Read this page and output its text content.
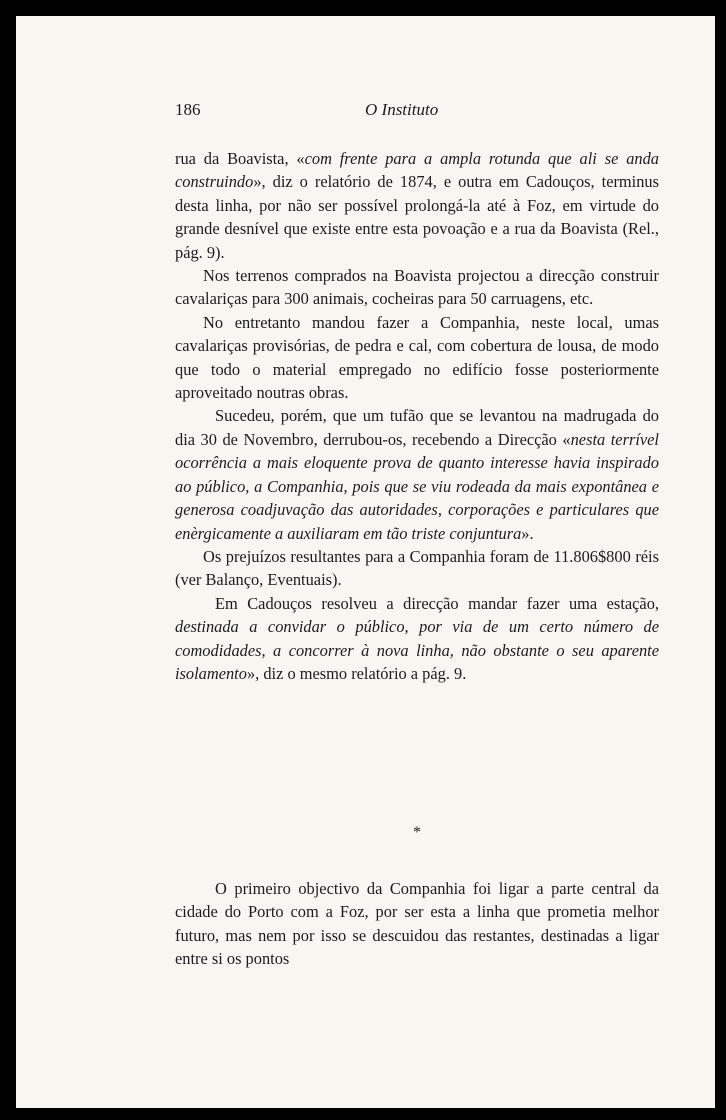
186	O Instituto

rua da Boavista, «com frente para a ampla rotunda que ali se anda construindo», diz o relatório de 1874, e outra em Cadouços, terminus desta linha, por não ser possível prolongá-la até à Foz, em virtude do grande desnível que existe entre esta povoação e a rua da Boavista (Rel., pág. 9).

Nos terrenos comprados na Boavista projectou a direcção construir cavalariças para 300 animais, cocheiras para 50 carruagens, etc.

No entretanto mandou fazer a Companhia, neste local, umas cavalariças provisórias, de pedra e cal, com cobertura de lousa, de modo que todo o material empregado no edifício fosse posteriormente aproveitado noutras obras.

Sucedeu, porém, que um tufão que se levantou na madrugada do dia 30 de Novembro, derrubou-os, recebendo a Direcção «nesta terrível ocorrência a mais eloquente prova de quanto interesse havia inspirado ao público, a Companhia, pois que se viu rodeada da mais expontânea e generosa coadjuvação das autoridades, corporações e particulares que enèrgicamente a auxiliaram em tão triste conjuntura».

Os prejuízos resultantes para a Companhia foram de 11.806$800 réis (ver Balanço, Eventuais).

Em Cadouços resolveu a direcção mandar fazer uma estação, destinada a convidar o público, por via de um certo número de comodidades, a concorrer à nova linha, não obstante o seu aparente isolamento», diz o mesmo relatório a pág. 9.

*

O primeiro objectivo da Companhia foi ligar a parte central da cidade do Porto com a Foz, por ser esta a linha que prometia melhor futuro, mas nem por isso se descuidou das restantes, destinadas a ligar entre si os pontos
